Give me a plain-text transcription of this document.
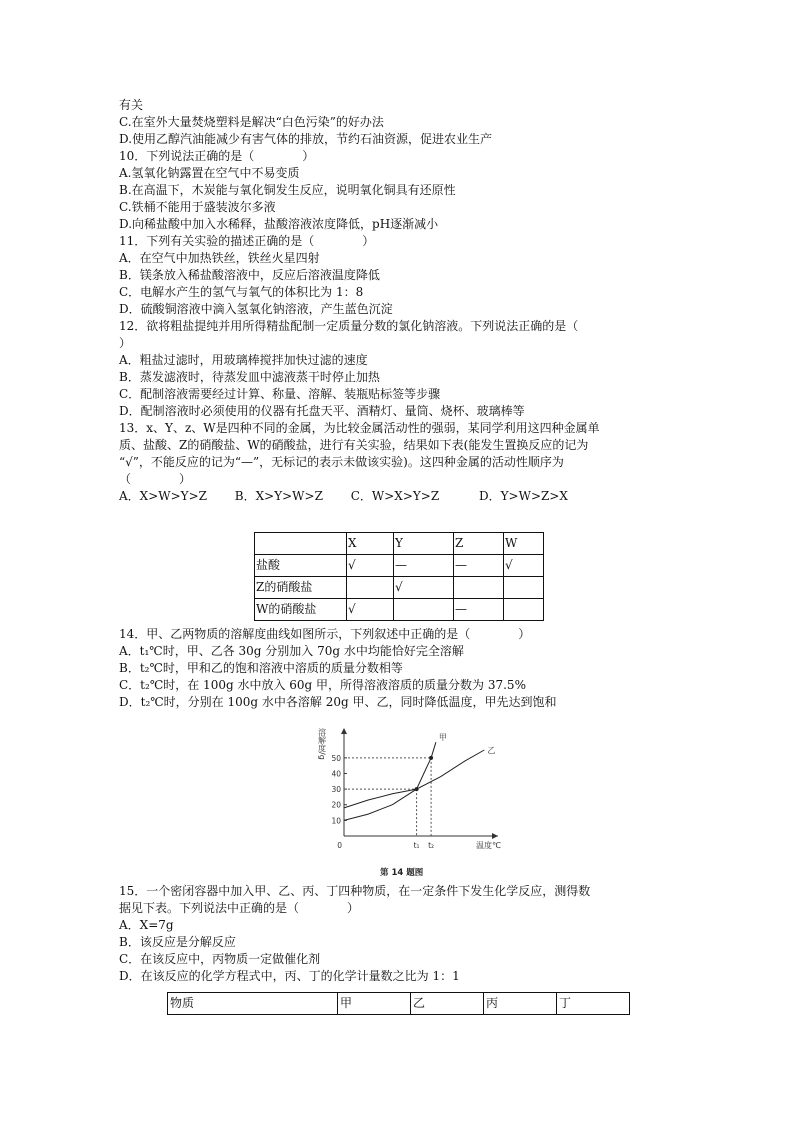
有关
C.在室外大量焚烧塑料是解决“白色污染”的好办法
D.使用乙醇汽油能减少有害气体的排放，节约石油资源，促进农业生产
10．下列说法正确的是（　　　　）
A.氢氧化钠露置在空气中不易变质
B.在高温下，木炭能与氧化铜发生反应，说明氧化铜具有还原性
C.铁桶不能用于盛装波尔多液
D.向稀盐酸中加入水稀释，盐酸溶液浓度降低，pH逐渐减小
11．下列有关实验的描述正确的是（　　　　）
A．在空气中加热铁丝，铁丝火星四射
B．镁条放入稀盐酸溶液中，反应后溶液温度降低
C．电解水产生的氢气与氧气的体积比为 1：8
D．硫酸铜溶液中滴入氢氧化钠溶液，产生蓝色沉淀
12．欲将粗盐提纯并用所得精盐配制一定质量分数的氯化钠溶液。下列说法正确的是（
）
A．粗盐过滤时，用玻璃棒搅拌加快过滤的速度
B．蒸发滤液时，待蒸发皿中滤液蒸干时停止加热
C．配制溶液需要经过计算、称量、溶解、装瓶贴标签等步骤
D．配制溶液时必须使用的仪器有托盘天平、酒精灯、量筒、烧杯、玻璃棒等
13．x、Y、z、W是四种不同的金属，为比较金属活动性的强弱，某同学利用这四种金属单
质、盐酸、Z的硝酸盐、W的硝酸盐，进行有关实验，结果如下表(能发生置换反应的记为
“√”，不能反应的记为“—”，无标记的表示未做该实验)。这四种金属的活动性顺序为
（　　　　）
A．X>W>Y>Z　　 B．X>Y>W>Z　　 C．W>X>Y>Z　　　 D．Y>W>Z>X
	X	Y	Z	W
盐酸	√	—	—	√
Z的硝酸盐		√		
W的硝酸盐	√		—	
14．甲、乙两物质的溶解度曲线如图所示，下列叙述中正确的是（　　　　）
A．t₁℃时，甲、乙各 30g 分别加入 70g 水中均能恰好完全溶解
B．t₂℃时，甲和乙的饱和溶液中溶质的质量分数相等
C．t₂℃时，在 100g 水中放入 60g 甲，所得溶液溶质的质量分数为 37.5%
D．t₂℃时，分别在 100g 水中各溶解 20g 甲、乙，同时降低温度，甲先达到饱和
溶解度/g
10
20
30
40
50
0	t₁ t₂	温度℃
甲
乙
第 14 题图
15．一个密闭容器中加入甲、乙、丙、丁四种物质，在一定条件下发生化学反应，测得数
据见下表。下列说法中正确的是（　　　　）
A．X=7g
B．该反应是分解反应
C．在该反应中，丙物质一定做催化剂
D．在该反应的化学方程式中，丙、丁的化学计量数之比为 1：1
物质	甲	乙	丙	丁
